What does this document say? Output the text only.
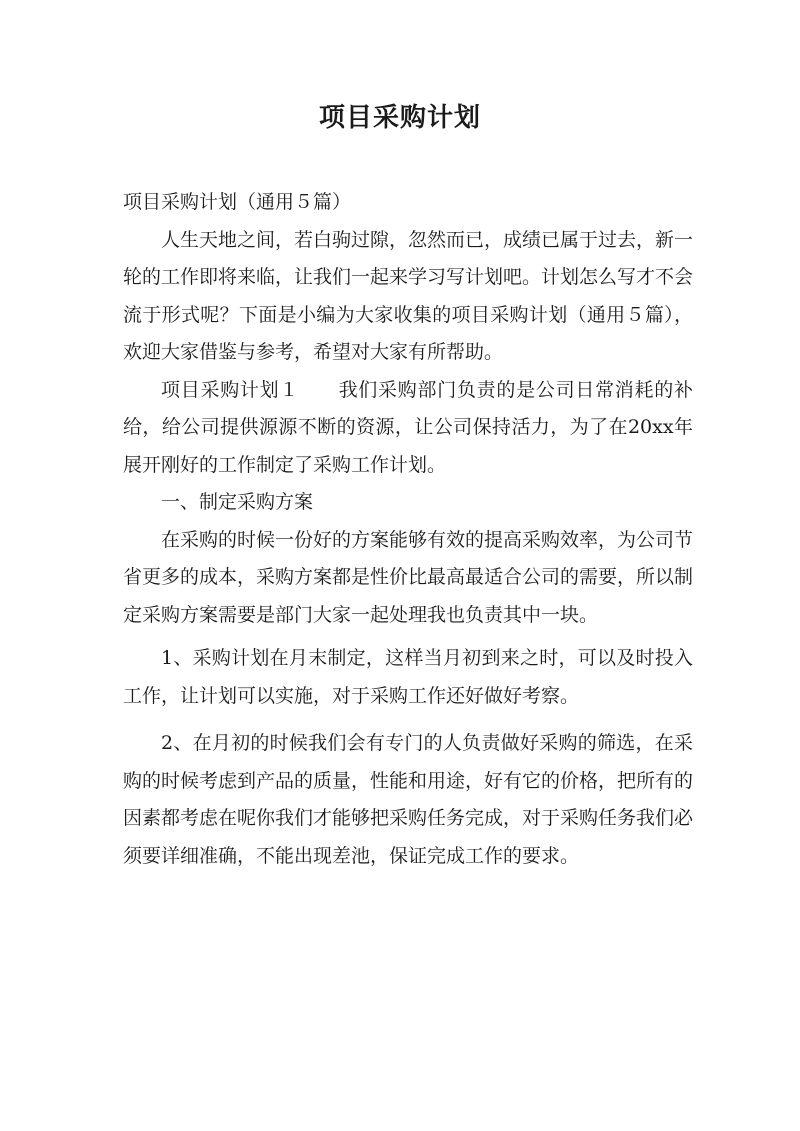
项目采购计划

项目采购计划（通用５篇）

人生天地之间，若白驹过隙，忽然而已，成绩已属于过去，新一轮的工作即将来临，让我们一起来学习写计划吧。计划怎么写才不会流于形式呢？下面是小编为大家收集的项目采购计划（通用５篇），欢迎大家借鉴与参考，希望对大家有所帮助。

项目采购计划１　　我们采购部门负责的是公司日常消耗的补给，给公司提供源源不断的资源，让公司保持活力，为了在20xx年展开刚好的工作制定了采购工作计划。

一、制定采购方案

在采购的时候一份好的方案能够有效的提高采购效率，为公司节省更多的成本，采购方案都是性价比最高最适合公司的需要，所以制定采购方案需要是部门大家一起处理我也负责其中一块。

1、采购计划在月末制定，这样当月初到来之时，可以及时投入工作，让计划可以实施，对于采购工作还好做好考察。

2、在月初的时候我们会有专门的人负责做好采购的筛选，在采购的时候考虑到产品的质量，性能和用途，好有它的价格，把所有的因素都考虑在呢你我们才能够把采购任务完成，对于采购任务我们必须要详细准确，不能出现差池，保证完成工作的要求。
